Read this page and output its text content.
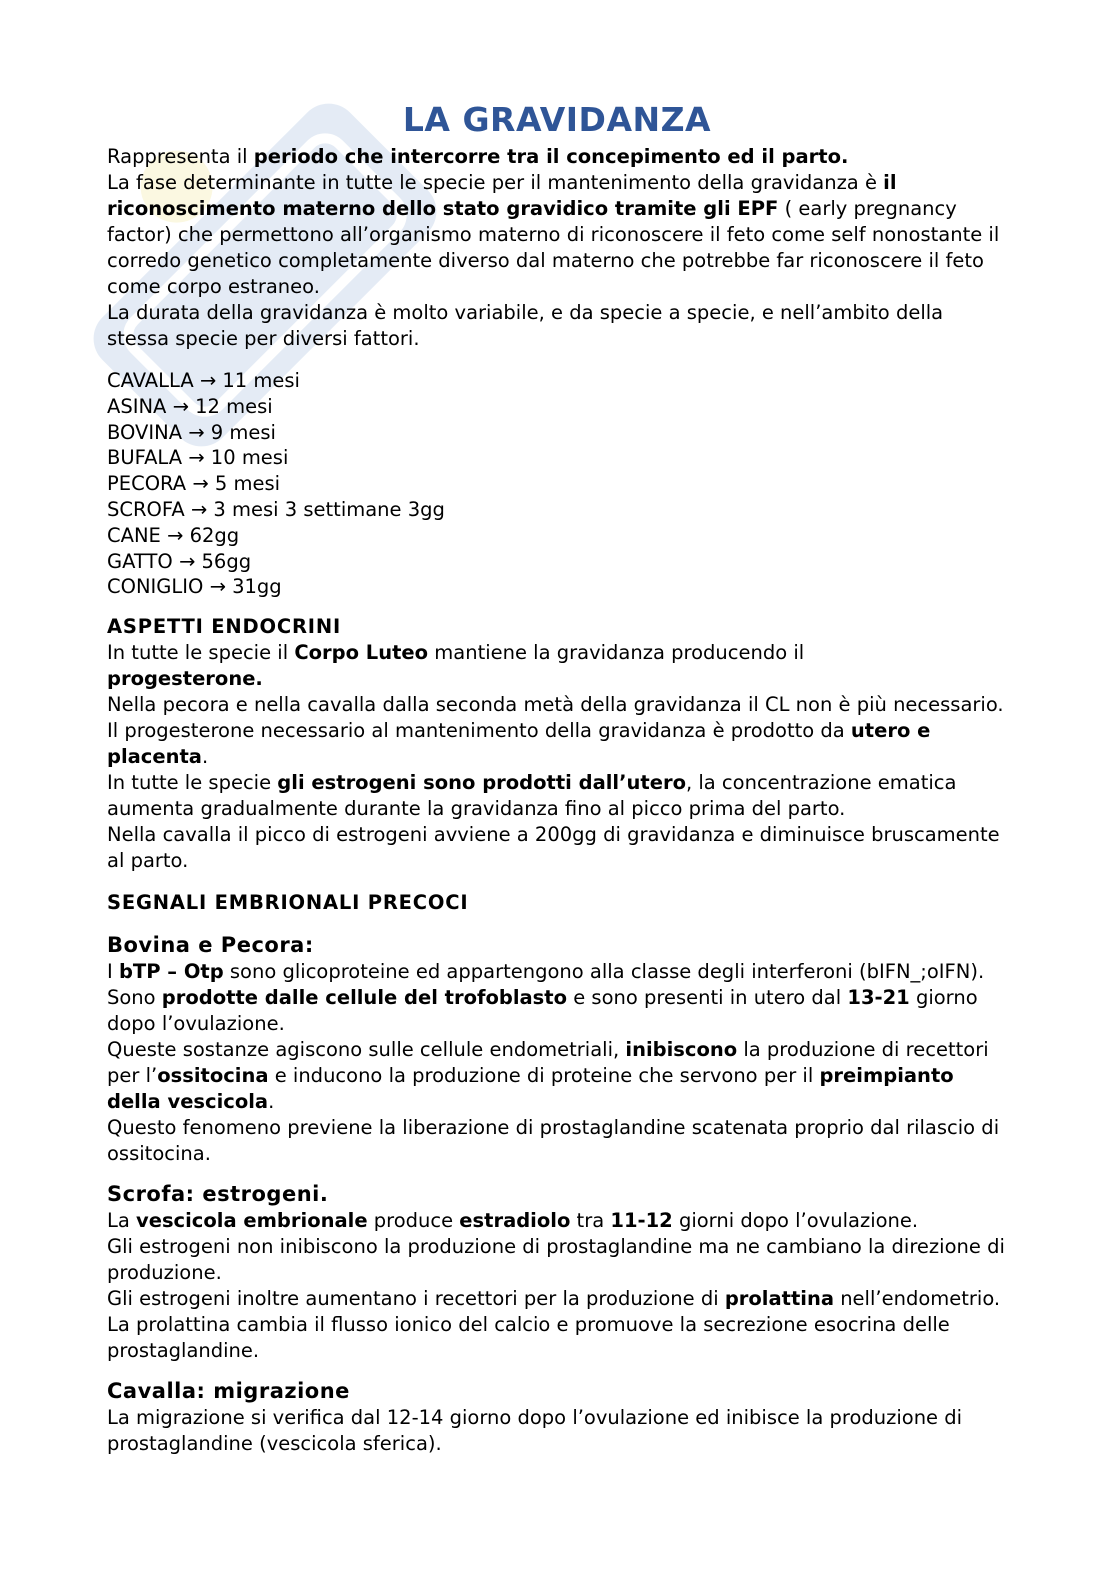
LA GRAVIDANZA

Rappresenta il periodo che intercorre tra il concepimento ed il parto.

La fase determinante in tutte le specie per il mantenimento della gravidanza è il riconoscimento materno dello stato gravidico tramite gli EPF ( early pregnancy factor) che permettono all’organismo materno di riconoscere il feto come self nonostante il corredo genetico completamente diverso dal materno che potrebbe far riconoscere il feto come corpo estraneo.

La durata della gravidanza è molto variabile, e da specie a specie, e nell’ambito della stessa specie per diversi fattori.

CAVALLA → 11 mesi
ASINA → 12 mesi
BOVINA → 9 mesi
BUFALA → 10 mesi
PECORA → 5 mesi
SCROFA → 3 mesi 3 settimane 3gg
CANE → 62gg
GATTO → 56gg
CONIGLIO → 31gg
ASPETTI ENDOCRINI

In tutte le specie il Corpo Luteo mantiene la gravidanza producendo il
progesterone.

Nella pecora e nella cavalla dalla seconda metà della gravidanza il CL non è più necessario. Il progesterone necessario al mantenimento della gravidanza è prodotto da utero e placenta.

In tutte le specie gli estrogeni sono prodotti dall’utero, la concentrazione ematica aumenta gradualmente durante la gravidanza fino al picco prima del parto.

Nella cavalla il picco di estrogeni avviene a 200gg di gravidanza e diminuisce bruscamente al parto.

SEGNALI EMBRIONALI PRECOCI
Bovina e Pecora:

I bTP – Otp sono glicoproteine ed appartengono alla classe degli interferoni (bIFN_;oIFN). Sono prodotte dalle cellule del trofoblasto e sono presenti in utero dal 13-21 giorno dopo l’ovulazione.

Queste sostanze agiscono sulle cellule endometriali, inibiscono la produzione di recettori per l’ossitocina e inducono la produzione di proteine che servono per il preimpianto della vescicola.

Questo fenomeno previene la liberazione di prostaglandine scatenata proprio dal rilascio di ossitocina.

Scrofa: estrogeni.

La vescicola embrionale produce estradiolo tra 11-12 giorni dopo l’ovulazione.

Gli estrogeni non inibiscono la produzione di prostaglandine ma ne cambiano la direzione di produzione.

Gli estrogeni inoltre aumentano i recettori per la produzione di prolattina nell’endometrio.

La prolattina cambia il flusso ionico del calcio e promuove la secrezione esocrina delle prostaglandine.

Cavalla: migrazione

La migrazione si verifica dal 12-14 giorno dopo l’ovulazione ed inibisce la produzione di prostaglandine (vescicola sferica).
